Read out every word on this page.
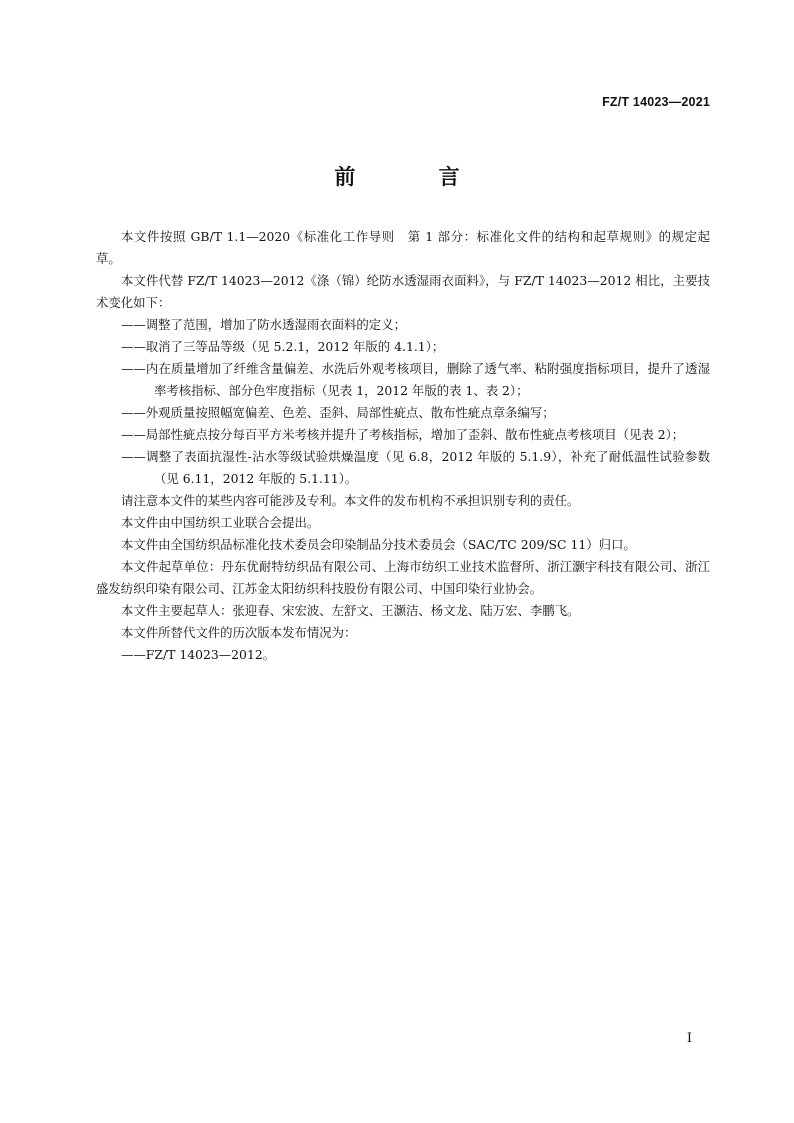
FZ/T 14023—2021
前 言

本文件按照 GB/T 1.1—2020《标准化工作导则　第 1 部分：标准化文件的结构和起草规则》的规定起草。

本文件代替 FZ/T 14023—2012《涤（锦）纶防水透湿雨衣面料》，与 FZ/T 14023—2012 相比，主要技术变化如下：

——调整了范围，增加了防水透湿雨衣面料的定义；

——取消了三等品等级（见 5.2.1，2012 年版的 4.1.1）；

——内在质量增加了纤维含量偏差、水洗后外观考核项目，删除了透气率、粘附强度指标项目，提升了透湿率考核指标、部分色牢度指标（见表 1，2012 年版的表 1、表 2）；

——外观质量按照幅宽偏差、色差、歪斜、局部性疵点、散布性疵点章条编写；

——局部性疵点按分每百平方米考核并提升了考核指标，增加了歪斜、散布性疵点考核项目（见表 2）；

——调整了表面抗湿性-沾水等级试验烘燥温度（见 6.8，2012 年版的 5.1.9），补充了耐低温性试验参数（见 6.11，2012 年版的 5.1.11）。

请注意本文件的某些内容可能涉及专利。本文件的发布机构不承担识别专利的责任。

本文件由中国纺织工业联合会提出。

本文件由全国纺织品标准化技术委员会印染制品分技术委员会（SAC/TC 209/SC 11）归口。

本文件起草单位：丹东优耐特纺织品有限公司、上海市纺织工业技术监督所、浙江灏宇科技有限公司、浙江盛发纺织印染有限公司、江苏金太阳纺织科技股份有限公司、中国印染行业协会。

本文件主要起草人：张迎春、宋宏波、左舒文、王灏洁、杨文龙、陆万宏、李鹏飞。

本文件所替代文件的历次版本发布情况为：

——FZ/T 14023—2012。

I
